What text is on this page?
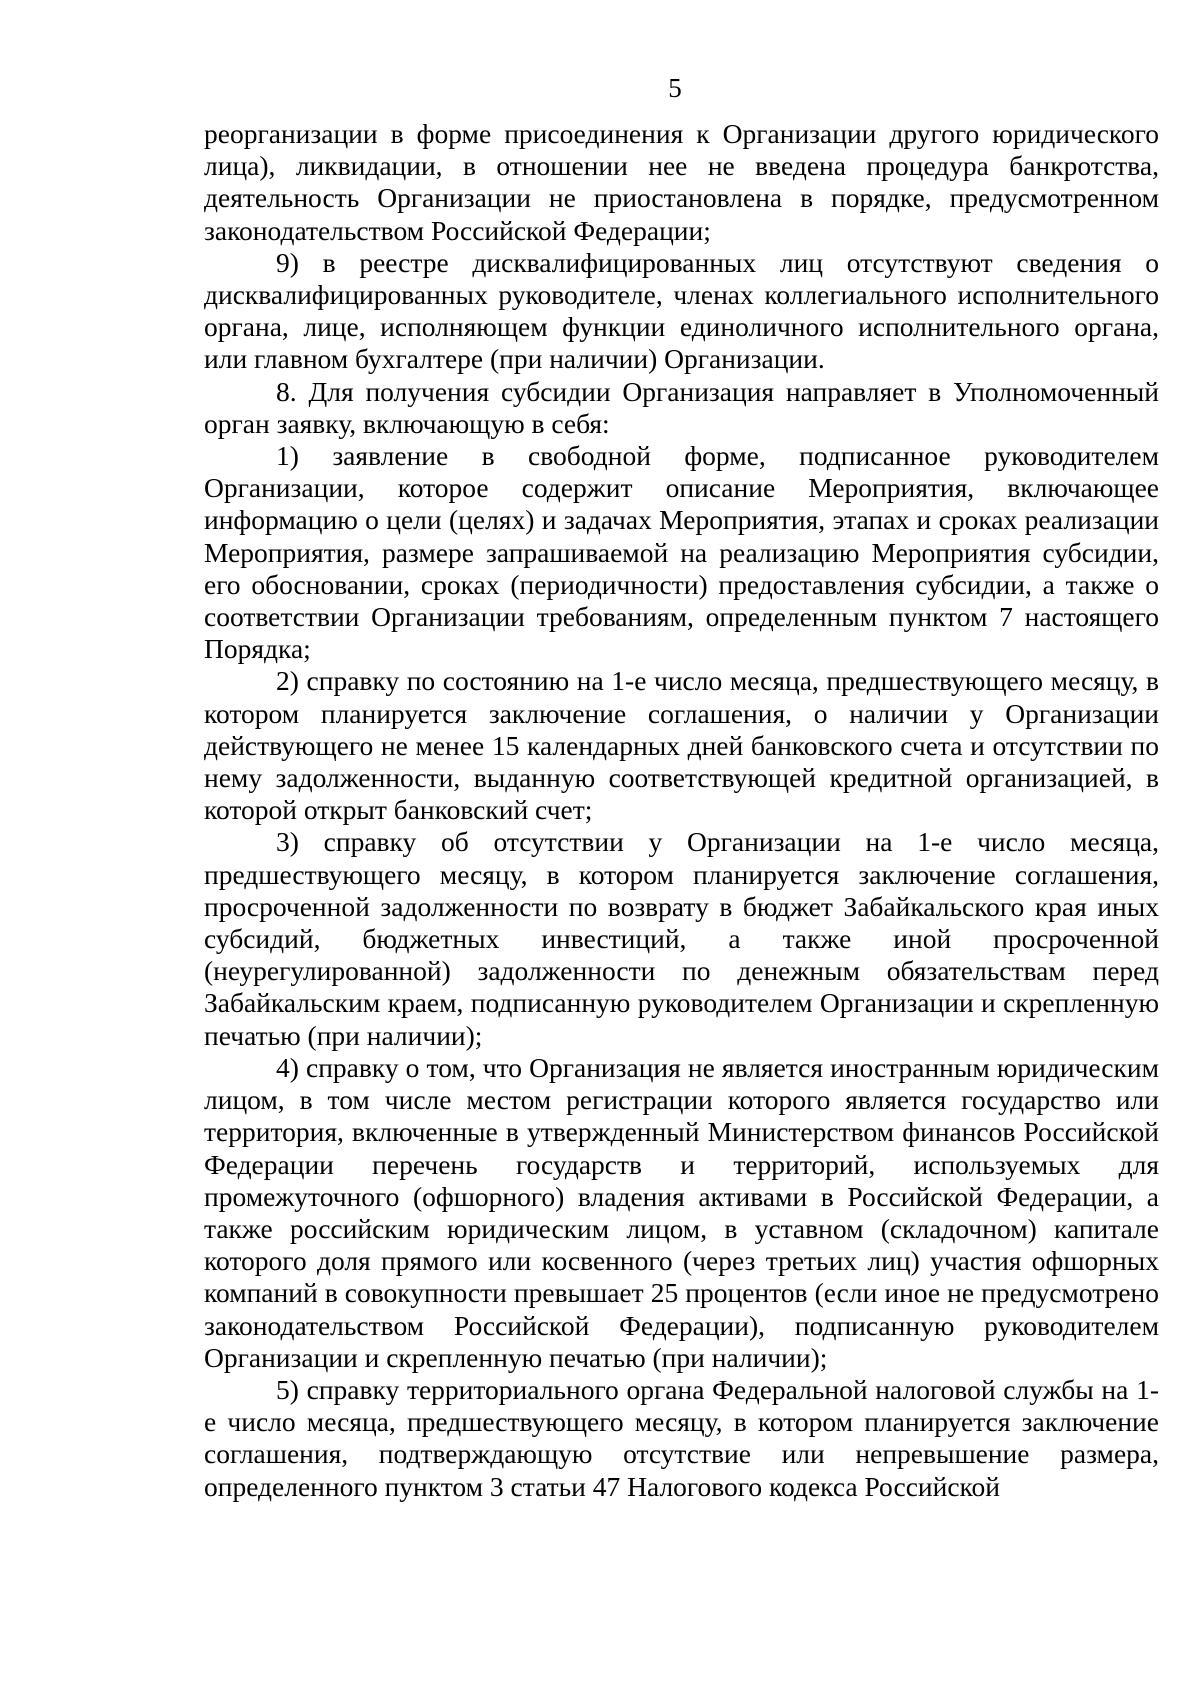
5

реорганизации в форме присоединения к Организации другого юридического лица), ликвидации, в отношении нее не введена процедура банкротства, деятельность Организации не приостановлена в порядке, предусмотренном законодательством Российской Федерации;

9) в реестре дисквалифицированных лиц отсутствуют сведения о дисквалифицированных руководителе, членах коллегиального исполнительного органа, лице, исполняющем функции единоличного исполнительного органа, или главном бухгалтере (при наличии) Организации.

8. Для получения субсидии Организация направляет в Уполномоченный орган заявку, включающую в себя:

1) заявление в свободной форме, подписанное руководителем Организации, которое содержит описание Мероприятия, включающее информацию о цели (целях) и задачах Мероприятия, этапах и сроках реализации Мероприятия, размере запрашиваемой на реализацию Мероприятия субсидии, его обосновании, сроках (периодичности) предоставления субсидии, а также о соответствии Организации требованиям, определенным пунктом 7 настоящего Порядка;

2) справку по состоянию на 1-е число месяца, предшествующего месяцу, в котором планируется заключение соглашения, о наличии у Организации действующего не менее 15 календарных дней банковского счета и отсутствии по нему задолженности, выданную соответствующей кредитной организацией, в которой открыт банковский счет;

3) справку об отсутствии у Организации на 1-е число месяца, предшествующего месяцу, в котором планируется заключение соглашения, просроченной задолженности по возврату в бюджет Забайкальского края иных субсидий, бюджетных инвестиций, а также иной просроченной (неурегулированной) задолженности по денежным обязательствам перед Забайкальским краем, подписанную руководителем Организации и скрепленную печатью (при наличии);

4) справку о том, что Организация не является иностранным юридическим лицом, в том числе местом регистрации которого является государство или территория, включенные в утвержденный Министерством финансов Российской Федерации перечень государств и территорий, используемых для промежуточного (офшорного) владения активами в Российской Федерации, а также российским юридическим лицом, в уставном (складочном) капитале которого доля прямого или косвенного (через третьих лиц) участия офшорных компаний в совокупности превышает 25 процентов (если иное не предусмотрено законодательством Российской Федерации), подписанную руководителем Организации и скрепленную печатью (при наличии);

5) справку территориального органа Федеральной налоговой службы на 1-е число месяца, предшествующего месяцу, в котором планируется заключение соглашения, подтверждающую отсутствие или непревышение размера, определенного пунктом 3 статьи 47 Налогового кодекса Российской
